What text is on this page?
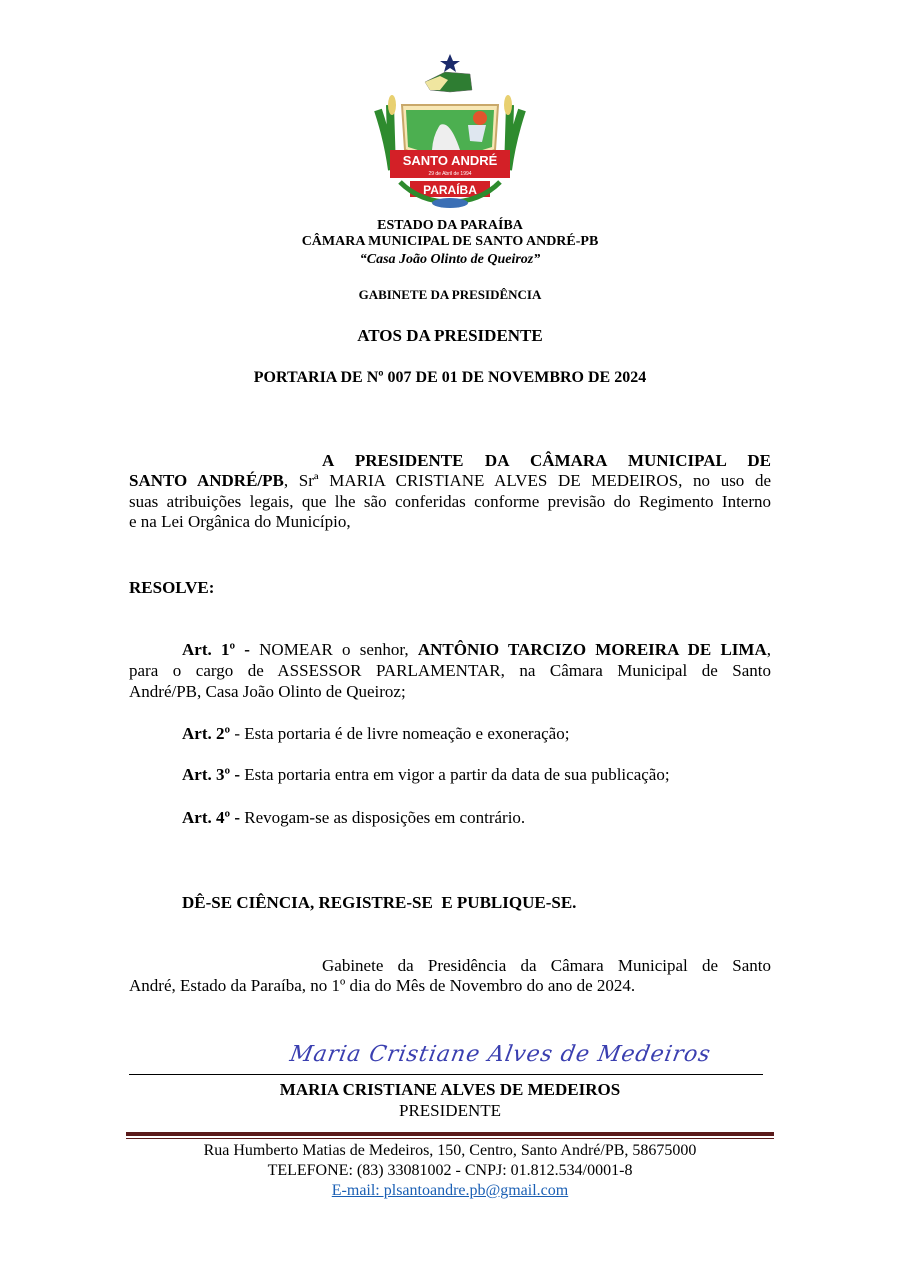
SANTO ANDRÉ
29 de Abril de 1994
PARAÍBA
ESTADO DA PARAÍBA
CÂMARA MUNICIPAL DE SANTO ANDRÉ-PB
“Casa João Olinto de Queiroz”
GABINETE DA PRESIDÊNCIA
ATOS DA PRESIDENTE
PORTARIA DE Nº 007 DE 01 DE NOVEMBRO DE 2024
A PRESIDENTE DA CÂMARA MUNICIPAL DE
SANTO ANDRÉ/PB, Srª MARIA CRISTIANE ALVES DE MEDEIROS, no uso de
suas atribuições legais, que lhe são conferidas conforme previsão do Regimento Interno
e na Lei Orgânica do Município,
RESOLVE:
Art. 1º - NOMEAR o senhor, ANTÔNIO TARCIZO MOREIRA DE LIMA,
para o cargo de ASSESSOR PARLAMENTAR, na Câmara Municipal de Santo
André/PB, Casa João Olinto de Queiroz;
Art. 2º - Esta portaria é de livre nomeação e exoneração;
Art. 3º - Esta portaria entra em vigor a partir da data de sua publicação;
Art. 4º - Revogam-se as disposições em contrário.
DÊ-SE CIÊNCIA, REGISTRE-SE  E PUBLIQUE-SE.
Gabinete da Presidência da Câmara Municipal de Santo
André, Estado da Paraíba, no 1º dia do Mês de Novembro do ano de 2024.
Maria Cristiane Alves de Medeiros
MARIA CRISTIANE ALVES DE MEDEIROS
PRESIDENTE
Rua Humberto Matias de Medeiros, 150, Centro, Santo André/PB, 58675000
TELEFONE: (83) 33081002 - CNPJ: 01.812.534/0001-8
E-mail: plsantoandre.pb@gmail.com
